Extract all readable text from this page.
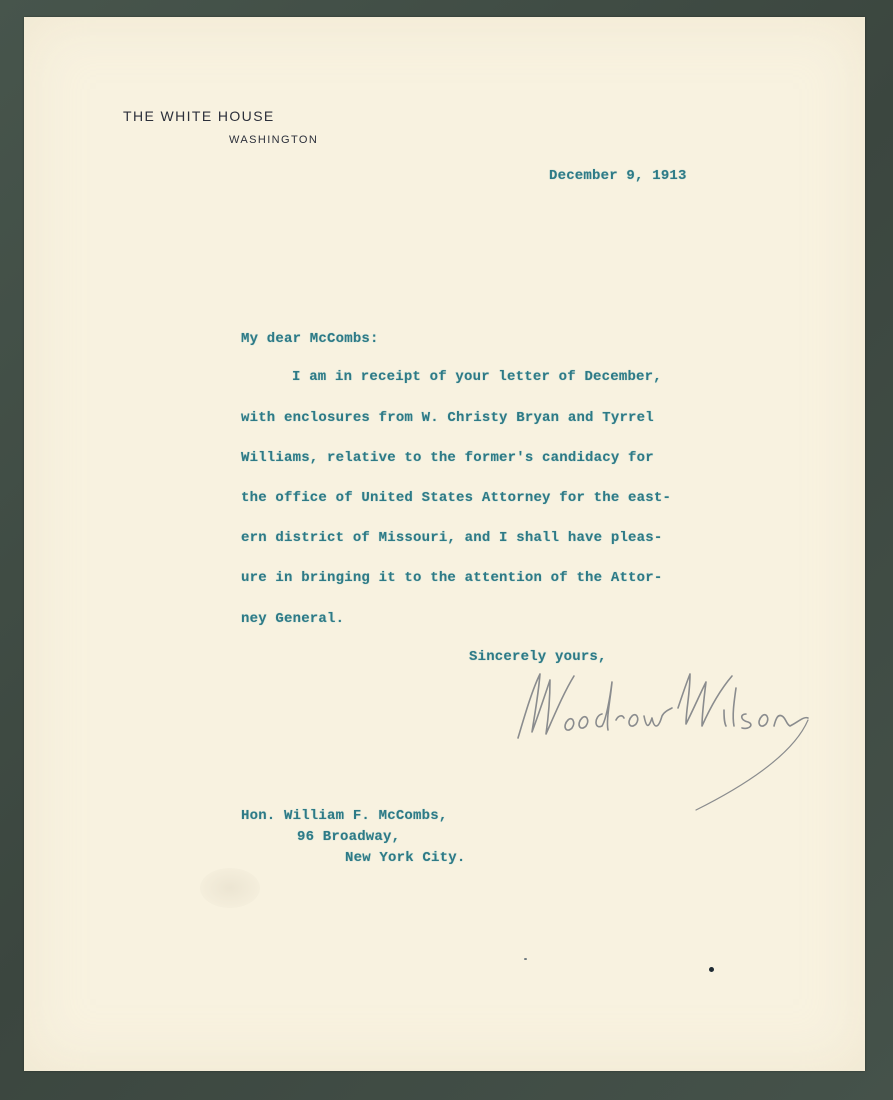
THE WHITE HOUSE
WASHINGTON
December 9, 1913
My dear McCombs:
I am in receipt of your letter of December,
with enclosures from W. Christy Bryan and Tyrrel
Williams, relative to the former's candidacy for
the office of United States Attorney for the east-
ern district of Missouri, and I shall have pleas-
ure in bringing it to the attention of the Attor-
ney General.
Sincerely yours,
Hon. William F. McCombs,
96 Broadway,
New York City.
